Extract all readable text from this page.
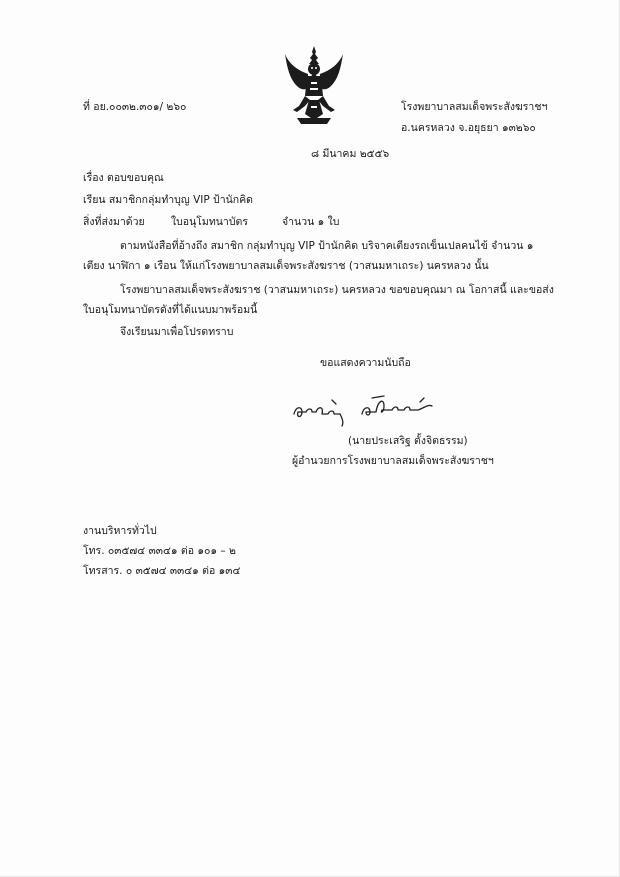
ที่ อย.๐๐๓๒.๓๐๑/ ๒๖๐	โรงพยาบาลสมเด็จพระสังฆราชฯ
อ.นครหลวง จ.อยุธยา ๑๓๒๖๐
๘ มีนาคม ๒๕๕๖
เรื่อง ตอบขอบคุณ
เรียน สมาชิกกลุ่มทำบุญ VIP ป้านักคิด
สิ่งที่ส่งมาด้วย	ใบอนุโมทนาบัตร	จำนวน ๑ ใบ
ตามหนังสือที่อ้างถึง สมาชิก กลุ่มทำบุญ VIP ป้านักคิด บริจาคเตียงรถเข็นเปลคนไข้ จำนวน ๑
เตียง นาฬิกา ๑ เรือน ให้แก่โรงพยาบาลสมเด็จพระสังฆราช (วาสนมหาเถระ) นครหลวง นั้น
โรงพยาบาลสมเด็จพระสังฆราช (วาสนมหาเถระ) นครหลวง ขอขอบคุณมา ณ โอกาสนี้ และขอส่ง
ใบอนุโมทนาบัตรดังที่ได้แนบมาพร้อมนี้
จึงเรียนมาเพื่อโปรดทราบ
ขอแสดงความนับถือ
(นายประเสริฐ ตั้งจิตธรรม)
ผู้อำนวยการโรงพยาบาลสมเด็จพระสังฆราชฯ
งานบริหารทั่วไป
โทร. ๐๓๕๗๔ ๓๓๔๑ ต่อ ๑๐๑ – ๒
โทรสาร. ๐ ๓๕๗๔ ๓๓๔๑ ต่อ ๑๓๔
